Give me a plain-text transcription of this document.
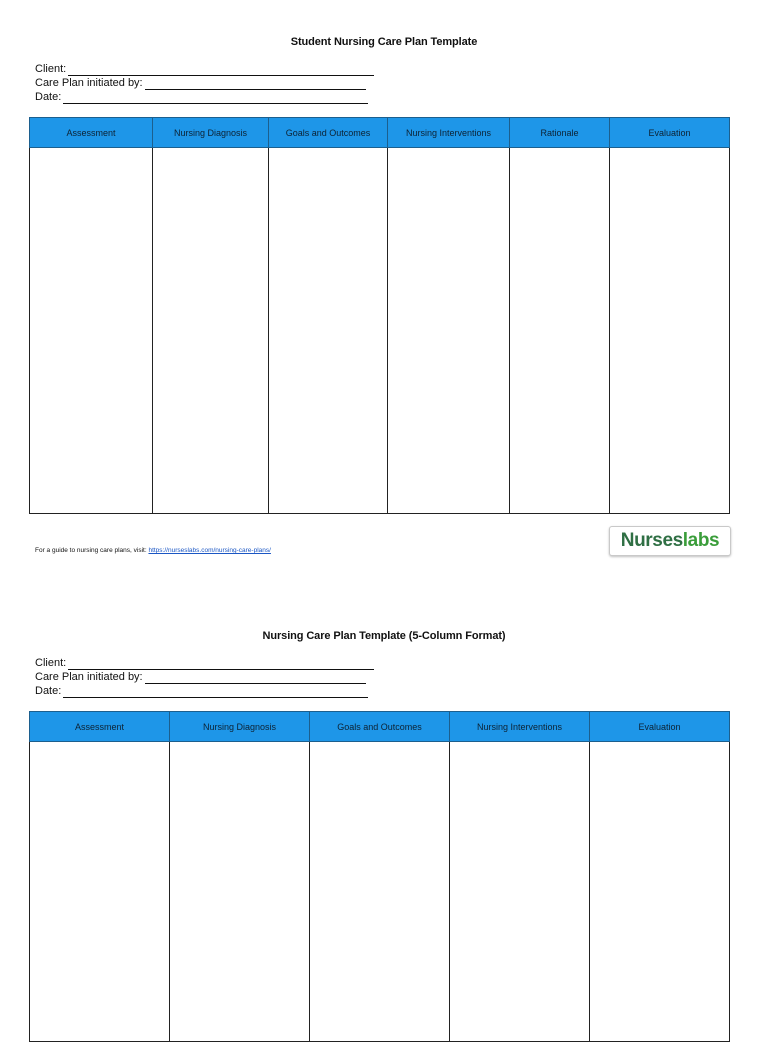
Student Nursing Care Plan Template
Client:
Care Plan initiated by:
Date:
Assessment	Nursing Diagnosis	Goals and Outcomes	Nursing Interventions	Rationale	Evaluation

For a guide to nursing care plans, visit: https://nurseslabs.com/nursing-care-plans/	Nurses labs
Nursing Care Plan Template (5-Column Format)
Client:
Care Plan initiated by:
Date:
Assessment	Nursing Diagnosis	Goals and Outcomes	Nursing Interventions	Evaluation
